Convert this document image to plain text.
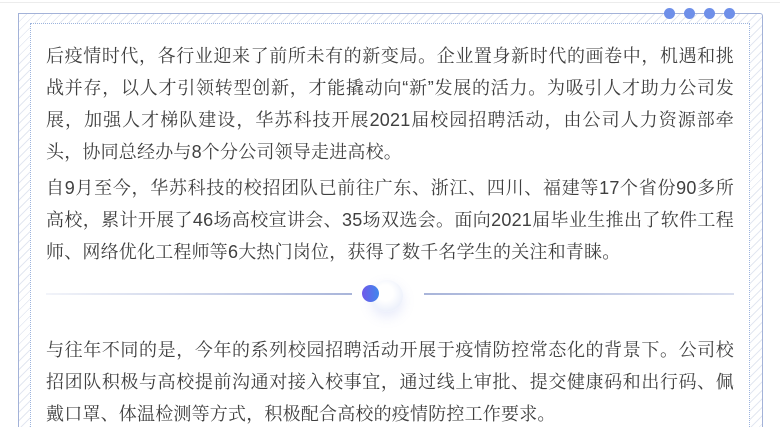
后疫情时代，各行业迎来了前所未有的新变局。企业置身新时代的画卷中，机遇和挑战并存，以人才引领转型创新，才能撬动向“新”发展的活力。为吸引人才助力公司发展，加强人才梯队建设，华苏科技开展2021届校园招聘活动，由公司人力资源部牵头，协同总经办与8个分公司领导走进高校。

自9月至今，华苏科技的校招团队已前往广东、浙江、四川、福建等17个省份90多所高校，累计开展了46场高校宣讲会、35场双选会。面向2021届毕业生推出了软件工程师、网络优化工程师等6大热门岗位，获得了数千名学生的关注和青睐。

与往年不同的是，今年的系列校园招聘活动开展于疫情防控常态化的背景下。公司校招团队积极与高校提前沟通对接入校事宜，通过线上审批、提交健康码和出行码、佩戴口罩、体温检测等方式，积极配合高校的疫情防控工作要求。
